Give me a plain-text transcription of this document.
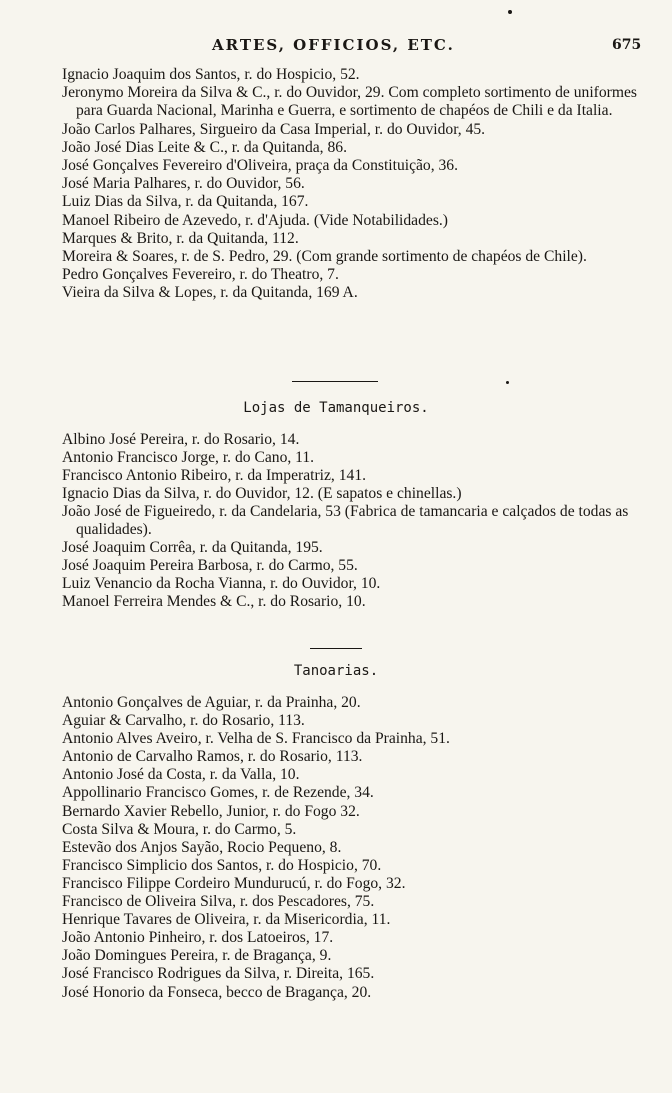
ARTES, OFFICIOS, ETC.	675
Ignacio Joaquim dos Santos, r. do Hospicio, 52.
Jeronymo Moreira da Silva & C., r. do Ouvidor, 29. Com completo sortimento de uniformes para Guarda Nacional, Marinha e Guerra, e sortimento de chapéos de Chili e da Italia.
João Carlos Palhares, Sirgueiro da Casa Imperial, r. do Ouvidor, 45.
João José Dias Leite & C., r. da Quitanda, 86.
José Gonçalves Fevereiro d'Oliveira, praça da Constituição, 36.
José Maria Palhares, r. do Ouvidor, 56.
Luiz Dias da Silva, r. da Quitanda, 167.
Manoel Ribeiro de Azevedo, r. d'Ajuda. (Vide Notabilidades.)
Marques & Brito, r. da Quitanda, 112.
Moreira & Soares, r. de S. Pedro, 29. (Com grande sortimento de chapéos de Chile).
Pedro Gonçalves Fevereiro, r. do Theatro, 7.
Vieira da Silva & Lopes, r. da Quitanda, 169 A.
Lojas de Tamanqueiros.
Albino José Pereira, r. do Rosario, 14.
Antonio Francisco Jorge, r. do Cano, 11.
Francisco Antonio Ribeiro, r. da Imperatriz, 141.
Ignacio Dias da Silva, r. do Ouvidor, 12. (E sapatos e chinellas.)
João José de Figueiredo, r. da Candelaria, 53 (Fabrica de tamancaria e calçados de todas as qualidades).
José Joaquim Corrêa, r. da Quitanda, 195.
José Joaquim Pereira Barbosa, r. do Carmo, 55.
Luiz Venancio da Rocha Vianna, r. do Ouvidor, 10.
Manoel Ferreira Mendes & C., r. do Rosario, 10.
Tanoarias.
Antonio Gonçalves de Aguiar, r. da Prainha, 20.
Aguiar & Carvalho, r. do Rosario, 113.
Antonio Alves Aveiro, r. Velha de S. Francisco da Prainha, 51.
Antonio de Carvalho Ramos, r. do Rosario, 113.
Antonio José da Costa, r. da Valla, 10.
Appollinario Francisco Gomes, r. de Rezende, 34.
Bernardo Xavier Rebello, Junior, r. do Fogo 32.
Costa Silva & Moura, r. do Carmo, 5.
Estevão dos Anjos Sayão, Rocio Pequeno, 8.
Francisco Simplicio dos Santos, r. do Hospicio, 70.
Francisco Filippe Cordeiro Mundurucú, r. do Fogo, 32.
Francisco de Oliveira Silva, r. dos Pescadores, 75.
Henrique Tavares de Oliveira, r. da Misericordia, 11.
João Antonio Pinheiro, r. dos Latoeiros, 17.
João Domingues Pereira, r. de Bragança, 9.
José Francisco Rodrigues da Silva, r. Direita, 165.
José Honorio da Fonseca, becco de Bragança, 20.
